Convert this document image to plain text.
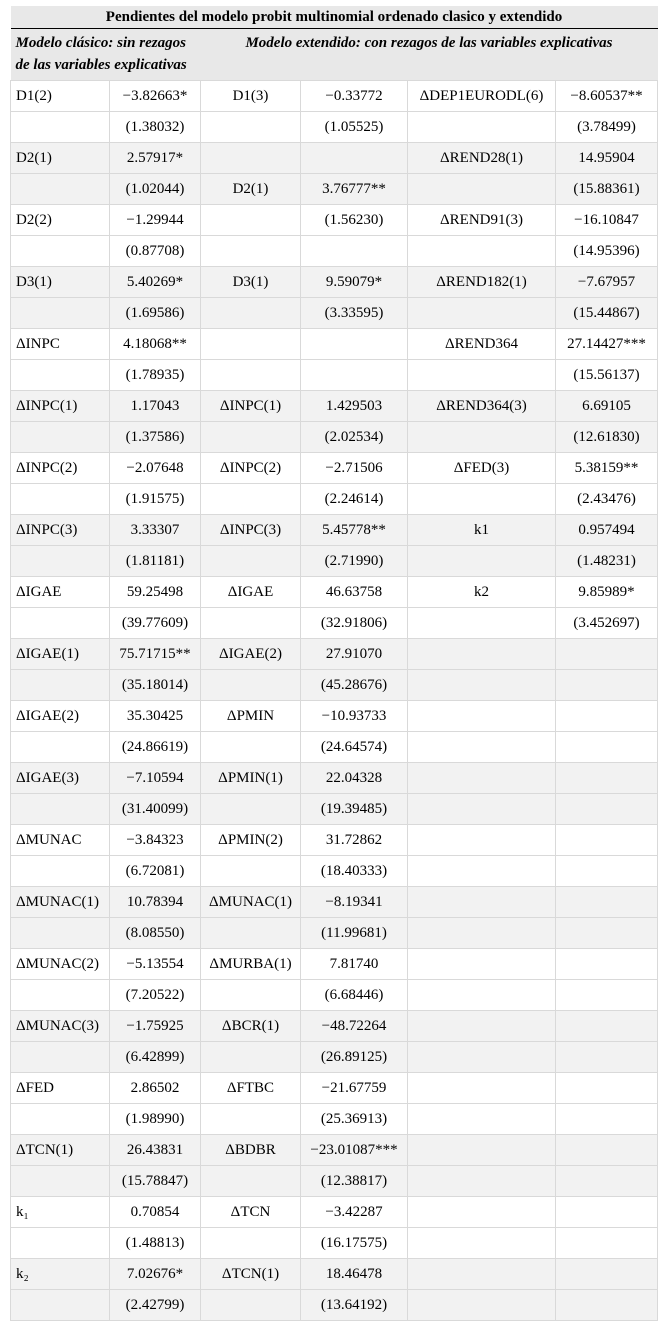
Pendientes del modelo probit multinomial ordenado clasico y extendido					
Modelo clásico: sin rezagos de las variables explicativas		Modelo extendido: con rezagos de las variables explicativas			
D1(2)	−3.82663*	D1(3)	−0.33772	ΔDEP1EURODL(6)	−8.60537**
	(1.38032)		(1.05525)		(3.78499)
D2(1)	2.57917*			ΔREND28(1)	14.95904
	(1.02044)	D2(1)	3.76777**		(15.88361)
D2(2)	−1.29944		(1.56230)	ΔREND91(3)	−16.10847
	(0.87708)				(14.95396)
D3(1)	5.40269*	D3(1)	9.59079*	ΔREND182(1)	−7.67957
	(1.69586)		(3.33595)		(15.44867)
ΔINPC	4.18068**			ΔREND364	27.14427***
	(1.78935)				(15.56137)
ΔINPC(1)	1.17043	ΔINPC(1)	1.429503	ΔREND364(3)	6.69105
	(1.37586)		(2.02534)		(12.61830)
ΔINPC(2)	−2.07648	ΔINPC(2)	−2.71506	ΔFED(3)	5.38159**
	(1.91575)		(2.24614)		(2.43476)
ΔINPC(3)	3.33307	ΔINPC(3)	5.45778**	k1	0.957494
	(1.81181)		(2.71990)		(1.48231)
ΔIGAE	59.25498	ΔIGAE	46.63758	k2	9.85989*
	(39.77609)		(32.91806)		(3.452697)
ΔIGAE(1)	75.71715**	ΔIGAE(2)	27.91070		
	(35.18014)		(45.28676)		
ΔIGAE(2)	35.30425	ΔPMIN	−10.93733		
	(24.86619)		(24.64574)		
ΔIGAE(3)	−7.10594	ΔPMIN(1)	22.04328		
	(31.40099)		(19.39485)		
ΔMUNAC	−3.84323	ΔPMIN(2)	31.72862		
	(6.72081)		(18.40333)		
ΔMUNAC(1)	10.78394	ΔMUNAC(1)	−8.19341		
	(8.08550)		(11.99681)		
ΔMUNAC(2)	−5.13554	ΔMURBA(1)	7.81740		
	(7.20522)		(6.68446)		
ΔMUNAC(3)	−1.75925	ΔBCR(1)	−48.72264		
	(6.42899)		(26.89125)		
ΔFED	2.86502	ΔFTBC	−21.67759		
	(1.98990)		(25.36913)		
ΔTCN(1)	26.43831	ΔBDBR	−23.01087***		
	(15.78847)		(12.38817)		
k₁	0.70854	ΔTCN	−3.42287		
	(1.48813)		(16.17575)		
k₂	7.02676*	ΔTCN(1)	18.46478		
	(2.42799)		(13.64192)		
